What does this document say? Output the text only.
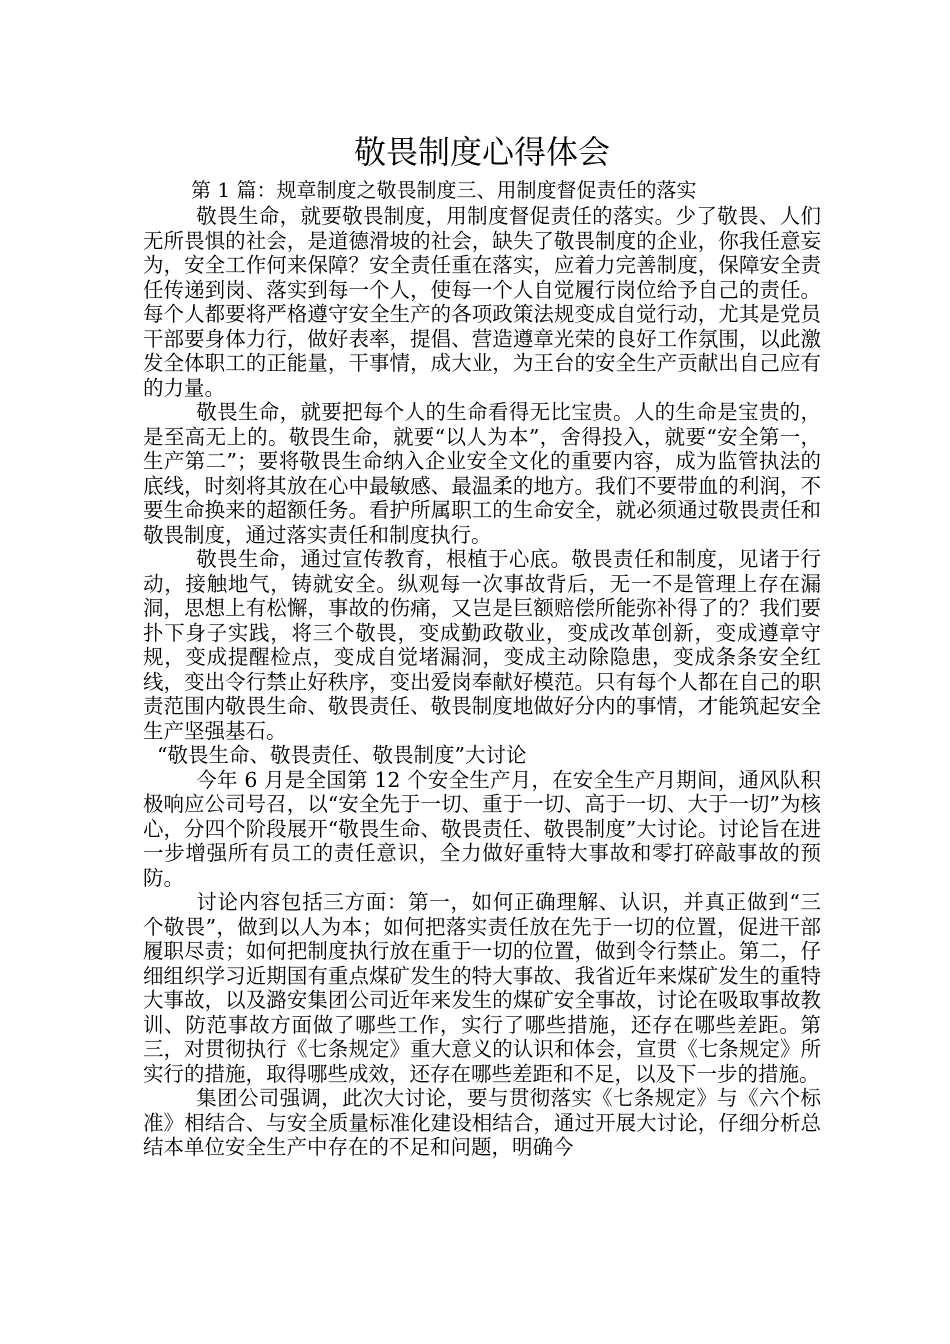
敬畏制度心得体会

第 1 篇：规章制度之敬畏制度三、用制度督促责任的落实

敬畏生命，就要敬畏制度，用制度督促责任的落实。少了敬畏、人们无所畏惧的社会，是道德滑坡的社会，缺失了敬畏制度的企业，你我任意妄为，安全工作何来保障？安全责任重在落实，应着力完善制度，保障安全责任传递到岗、落实到每一个人，使每一个人自觉履行岗位给予自己的责任。每个人都要将严格遵守安全生产的各项政策法规变成自觉行动，尤其是党员干部要身体力行，做好表率，提倡、营造遵章光荣的良好工作氛围，以此激发全体职工的正能量，干事情，成大业，为王台的安全生产贡献出自己应有的力量。

敬畏生命，就要把每个人的生命看得无比宝贵。人的生命是宝贵的，是至高无上的。敬畏生命，就要“以人为本”，舍得投入，就要“安全第一，生产第二”；要将敬畏生命纳入企业安全文化的重要内容，成为监管执法的底线，时刻将其放在心中最敏感、最温柔的地方。我们不要带血的利润，不要生命换来的超额任务。看护所属职工的生命安全，就必须通过敬畏责任和敬畏制度，通过落实责任和制度执行。

敬畏生命，通过宣传教育，根植于心底。敬畏责任和制度，见诸于行动，接触地气，铸就安全。纵观每一次事故背后，无一不是管理上存在漏洞，思想上有松懈，事故的伤痛，又岂是巨额赔偿所能弥补得了的？我们要扑下身子实践，将三个敬畏，变成勤政敬业，变成改革创新，变成遵章守规，变成提醒检点，变成自觉堵漏洞，变成主动除隐患，变成条条安全红线，变出令行禁止好秩序，变出爱岗奉献好模范。只有每个人都在自己的职责范围内敬畏生命、敬畏责任、敬畏制度地做好分内的事情，才能筑起安全生产坚强基石。

“敬畏生命、敬畏责任、敬畏制度”大讨论

今年 6 月是全国第 12 个安全生产月，在安全生产月期间，通风队积极响应公司号召，以“安全先于一切、重于一切、高于一切、大于一切”为核心，分四个阶段展开“敬畏生命、敬畏责任、敬畏制度”大讨论。讨论旨在进一步增强所有员工的责任意识，全力做好重特大事故和零打碎敲事故的预防。

讨论内容包括三方面：第一，如何正确理解、认识，并真正做到“三个敬畏”，做到以人为本；如何把落实责任放在先于一切的位置，促进干部履职尽责；如何把制度执行放在重于一切的位置，做到令行禁止。第二，仔细组织学习近期国有重点煤矿发生的特大事故、我省近年来煤矿发生的重特大事故，以及潞安集团公司近年来发生的煤矿安全事故，讨论在吸取事故教训、防范事故方面做了哪些工作，实行了哪些措施，还存在哪些差距。第三，对贯彻执行《七条规定》重大意义的认识和体会，宣贯《七条规定》所实行的措施，取得哪些成效，还存在哪些差距和不足，以及下一步的措施。

集团公司强调，此次大讨论，要与贯彻落实《七条规定》与《六个标准》相结合、与安全质量标准化建设相结合，通过开展大讨论，仔细分析总结本单位安全生产中存在的不足和问题，明确今
